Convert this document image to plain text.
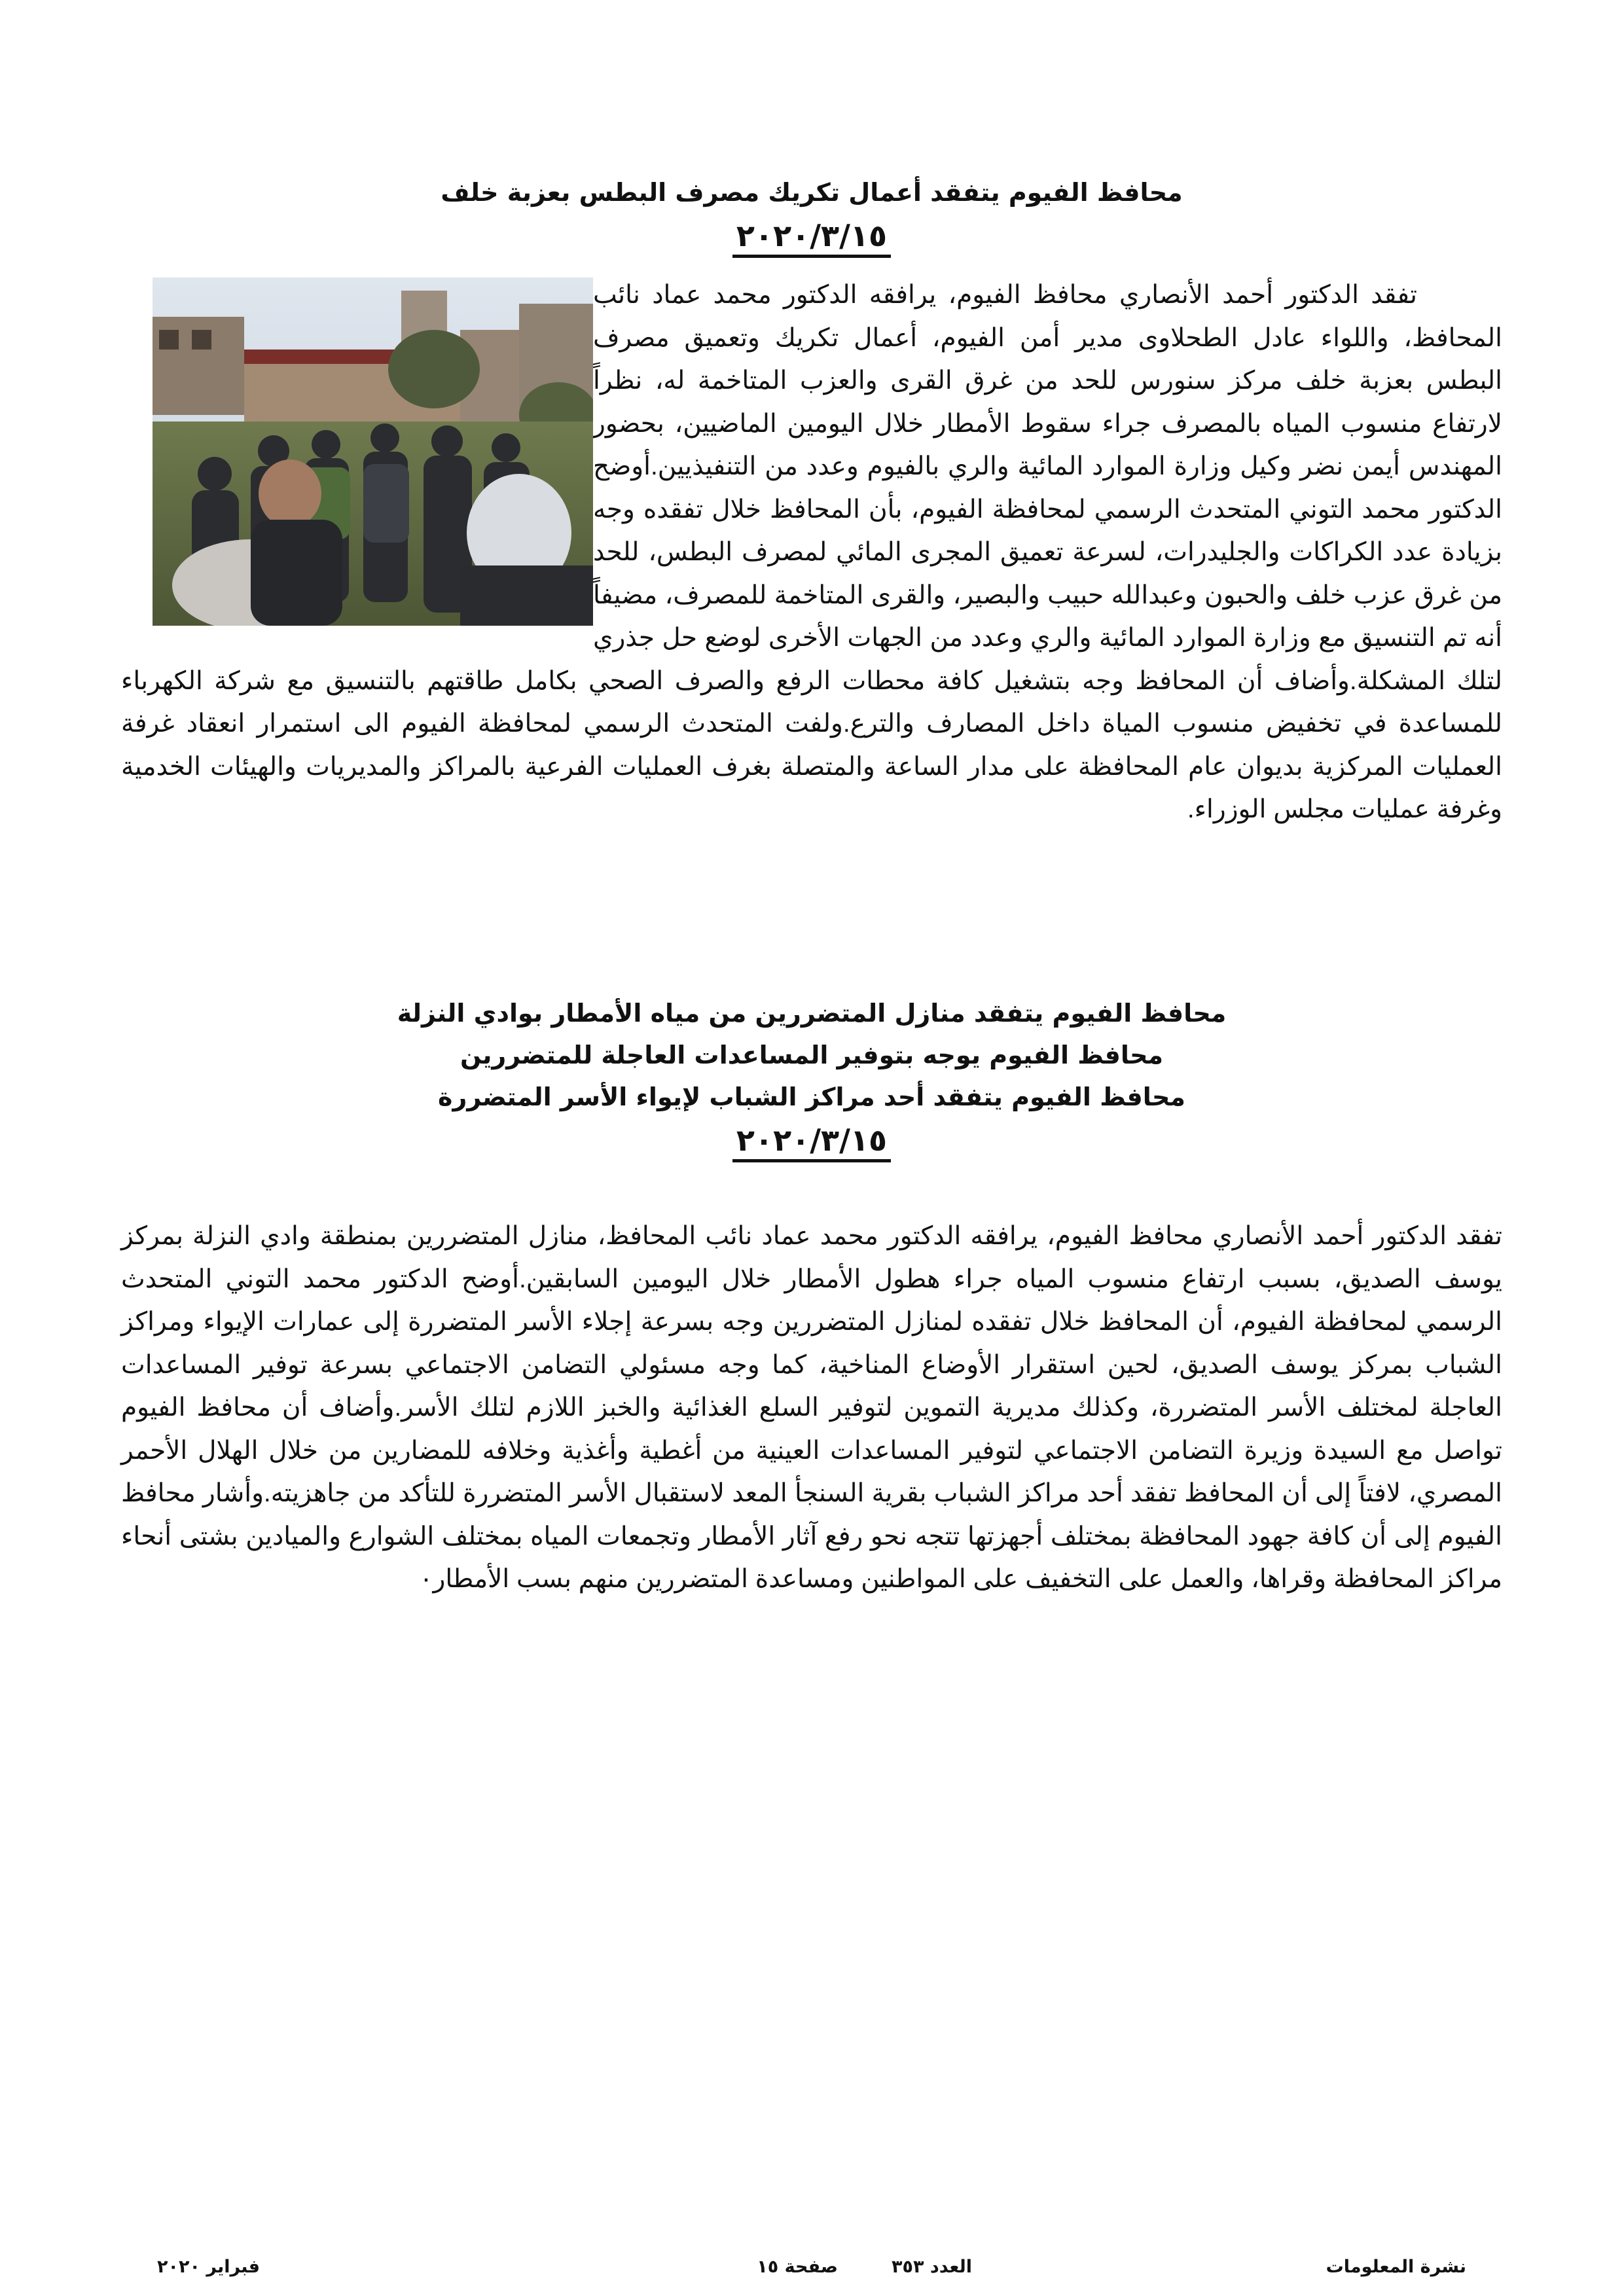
محافظ الفيوم يتفقد أعمال تكريك مصرف البطس بعزبة خلف
٢٠٢٠/٣/١٥

تفقد الدكتور أحمد الأنصاري محافظ الفيوم، يرافقه الدكتور محمد عماد نائب المحافظ، واللواء عادل الطحلاوى مدير أمن الفيوم، أعمال تكريك وتعميق مصرف البطس بعزبة خلف مركز سنورس للحد من غرق القرى والعزب المتاخمة له، نظراً لارتفاع منسوب المياه بالمصرف جراء سقوط الأمطار خلال اليومين الماضيين، بحضور المهندس أيمن نضر وكيل وزارة الموارد المائية والري بالفيوم وعدد من التنفيذيين.أوضح الدكتور محمد التوني المتحدث الرسمي لمحافظة الفيوم، بأن المحافظ خلال تفقده وجه بزيادة عدد الكراكات والجليدرات، لسرعة تعميق المجرى المائي لمصرف البطس، للحد من غرق عزب خلف والحبون وعبدالله حبيب والبصير، والقرى المتاخمة للمصرف، مضيفاً أنه تم التنسيق مع وزارة الموارد المائية والري وعدد من الجهات الأخرى لوضع حل جذري لتلك المشكلة.وأضاف أن المحافظ وجه بتشغيل كافة محطات الرفع والصرف الصحي بكامل طاقتهم بالتنسيق مع شركة الكهرباء للمساعدة في تخفيض منسوب المياة داخل المصارف والترع.ولفت المتحدث الرسمي لمحافظة الفيوم الى استمرار انعقاد غرفة العمليات المركزية بديوان عام المحافظة على مدار الساعة والمتصلة بغرف العمليات الفرعية بالمراكز والمديريات والهيئات الخدمية وغرفة عمليات مجلس الوزراء.

محافظ الفيوم يتفقد منازل المتضررين من مياه الأمطار بوادي النزلة
محافظ الفيوم يوجه بتوفير المساعدات العاجلة للمتضررين
محافظ الفيوم يتفقد أحد مراكز الشباب لإيواء الأسر المتضررة
٢٠٢٠/٣/١٥

تفقد الدكتور أحمد الأنصاري محافظ الفيوم، يرافقه الدكتور محمد عماد نائب المحافظ، منازل المتضررين بمنطقة وادي النزلة بمركز يوسف الصديق، بسبب ارتفاع منسوب المياه جراء هطول الأمطار خلال اليومين السابقين.أوضح الدكتور محمد التوني المتحدث الرسمي لمحافظة الفيوم، أن المحافظ خلال تفقده لمنازل المتضررين وجه بسرعة إجلاء الأسر المتضررة إلى عمارات الإيواء ومراكز الشباب بمركز يوسف الصديق، لحين استقرار الأوضاع المناخية، كما وجه مسئولي التضامن الاجتماعي بسرعة توفير المساعدات العاجلة لمختلف الأسر المتضررة، وكذلك مديرية التموين لتوفير السلع الغذائية والخبز اللازم لتلك الأسر.وأضاف أن محافظ الفيوم تواصل مع السيدة وزيرة التضامن الاجتماعي لتوفير المساعدات العينية من أغطية وأغذية وخلافه للمضارين من خلال الهلال الأحمر المصري، لافتاً إلى أن المحافظ تفقد أحد مراكز الشباب بقرية السنجأ المعد لاستقبال الأسر المتضررة للتأكد من جاهزيته.وأشار محافظ الفيوم إلى أن كافة جهود المحافظة بمختلف أجهزتها تتجه نحو رفع آثار الأمطار وتجمعات المياه بمختلف الشوارع والميادين بشتى أنحاء مراكز المحافظة وقراها، والعمل على التخفيف على المواطنين ومساعدة المتضررين منهم بسب الأمطار٠

نشرة المعلومات
العدد ٣٥٣
صفحة ١٥
فبراير ٢٠٢٠
